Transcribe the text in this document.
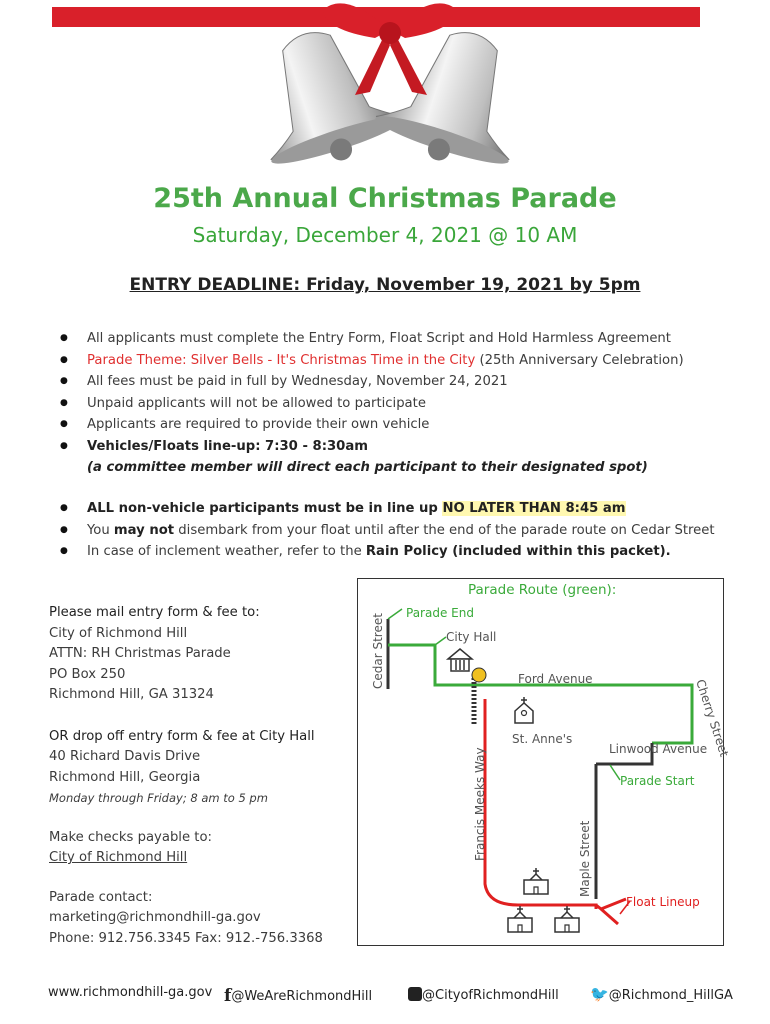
25th Annual Christmas Parade
Saturday, December 4, 2021 @ 10 AM
ENTRY DEADLINE: Friday, November 19, 2021 by 5pm
● All applicants must complete the Entry Form, Float Script and Hold Harmless Agreement
● Parade Theme: Silver Bells - It's Christmas Time in the City (25th Anniversary Celebration)
● All fees must be paid in full by Wednesday, November 24, 2021
● Unpaid applicants will not be allowed to participate
● Applicants are required to provide their own vehicle
● Vehicles/Floats line-up: 7:30 - 8:30am
(a committee member will direct each participant to their designated spot)
● ALL non-vehicle participants must be in line up NO LATER THAN 8:45 am
● You may not disembark from your float until after the end of the parade route on Cedar Street
● In case of inclement weather, refer to the Rain Policy (included within this packet).
Please mail entry form & fee to:
City of Richmond Hill
ATTN: RH Christmas Parade
PO Box 250
Richmond Hill, GA 31324
OR drop off entry form & fee at City Hall
40 Richard Davis Drive
Richmond Hill, Georgia
Monday through Friday; 8 am to 5 pm
Make checks payable to:
City of Richmond Hill
Parade contact:
marketing@richmondhill-ga.gov
Phone: 912.756.3345 Fax: 912.-756.3368
Parade Route (green):
Parade End
City Hall
Ford Avenue
St. Anne's
Linwood Avenue
Parade Start
Float Lineup
Cedar Street
Francis Meeks Way	Maple Street
Cherry Street
www.richmondhill-ga.gov f@WeAreRichmondHill	@CityofRichmondHill 🐦@Richmond_HillGA
